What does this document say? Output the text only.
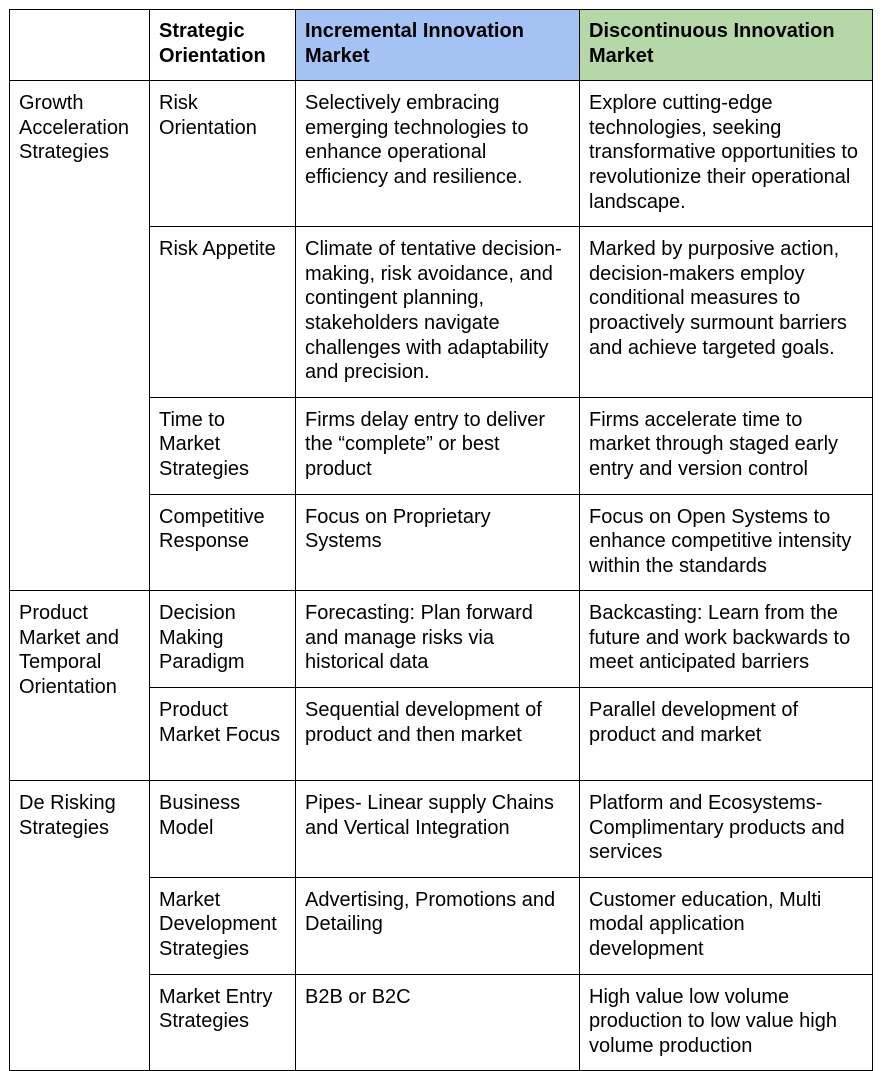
	Strategic Orientation	Incremental Innovation Market	Discontinuous Innovation Market
Growth Acceleration Strategies	Risk Orientation	Selectively embracing emerging technologies to enhance operational efficiency and resilience.	Explore cutting-edge technologies, seeking transformative opportunities to revolutionize their operational landscape.
	Risk Appetite	Climate of tentative decision-making, risk avoidance, and contingent planning, stakeholders navigate challenges with adaptability and precision.	Marked by purposive action, decision-makers employ conditional measures to proactively surmount barriers and achieve targeted goals.
	Time to Market Strategies	Firms delay entry to deliver the “complete” or best product	Firms accelerate time to market through staged early entry and version control
	Competitive Response	Focus on Proprietary Systems	Focus on Open Systems to enhance competitive intensity within the standards
Product Market and Temporal Orientation	Decision Making Paradigm	Forecasting: Plan forward and manage risks via historical data	Backcasting: Learn from the future and work backwards to meet anticipated barriers
	Product Market Focus	Sequential development of product and then market	Parallel development of product and market
De Risking Strategies	Business Model	Pipes- Linear supply Chains and Vertical Integration	Platform and Ecosystems- Complimentary products and services
	Market Development Strategies	Advertising, Promotions and Detailing	Customer education, Multi modal application development
	Market Entry Strategies	B2B or B2C	High value low volume production to low value high volume production
